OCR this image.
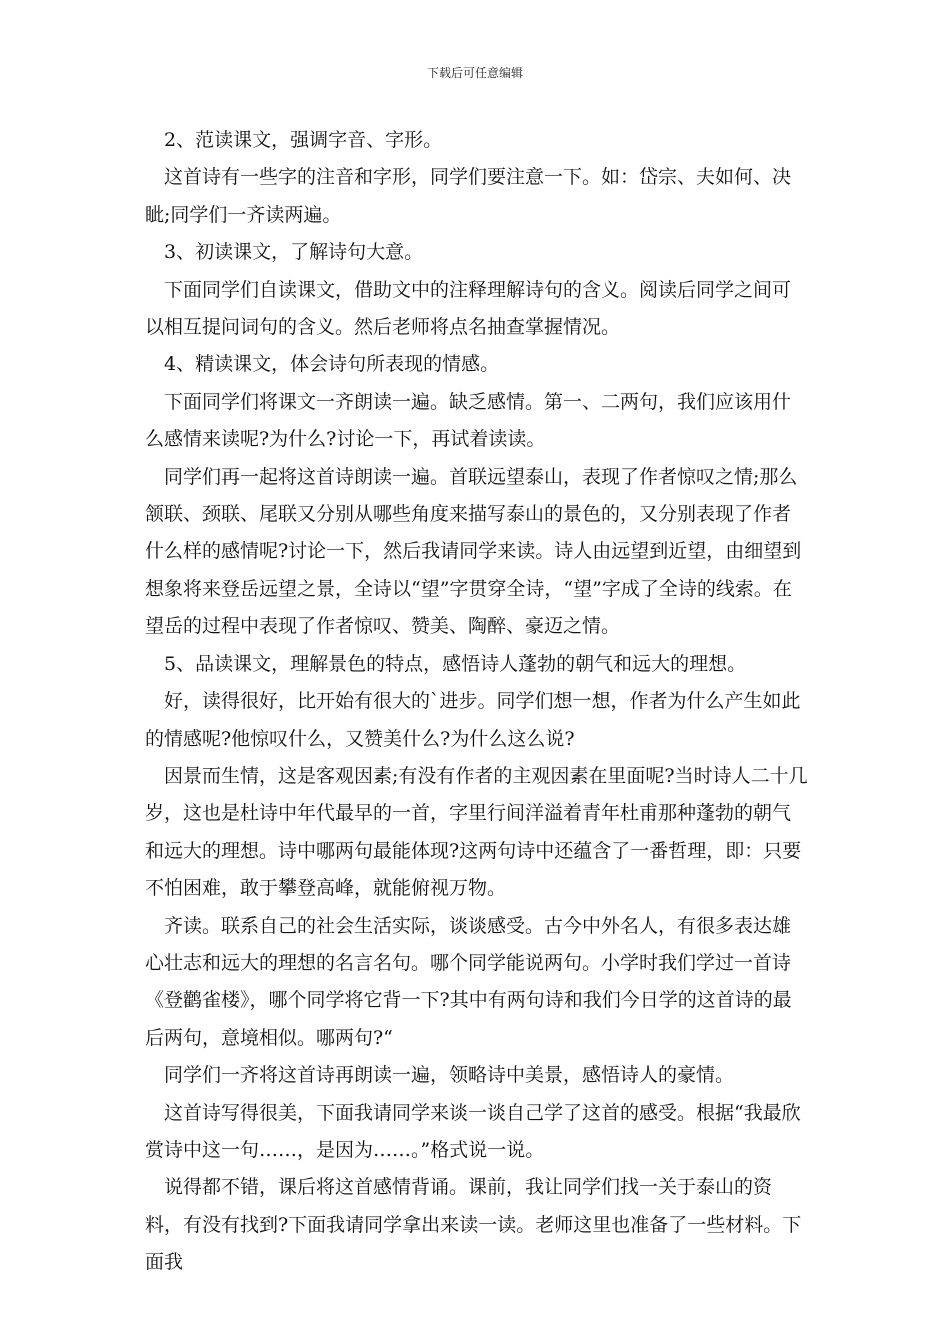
下载后可任意编辑

2、范读课文，强调字音、字形。

这首诗有一些字的注音和字形，同学们要注意一下。如：岱宗、夫如何、决眦;同学们一齐读两遍。

3、初读课文，了解诗句大意。

下面同学们自读课文，借助文中的注释理解诗句的含义。阅读后同学之间可以相互提问词句的含义。然后老师将点名抽查掌握情况。

4、精读课文，体会诗句所表现的情感。

下面同学们将课文一齐朗读一遍。缺乏感情。第一、二两句，我们应该用什么感情来读呢?为什么?讨论一下，再试着读读。

同学们再一起将这首诗朗读一遍。首联远望泰山，表现了作者惊叹之情;那么颔联、颈联、尾联又分别从哪些角度来描写泰山的景色的，又分别表现了作者什么样的感情呢?讨论一下，然后我请同学来读。诗人由远望到近望，由细望到想象将来登岳远望之景，全诗以“望”字贯穿全诗，“望”字成了全诗的线索。在望岳的过程中表现了作者惊叹、赞美、陶醉、豪迈之情。

5、品读课文，理解景色的特点，感悟诗人蓬勃的朝气和远大的理想。

好，读得很好，比开始有很大的`进步。同学们想一想，作者为什么产生如此的情感呢?他惊叹什么，又赞美什么?为什么这么说?

因景而生情，这是客观因素;有没有作者的主观因素在里面呢?当时诗人二十几岁，这也是杜诗中年代最早的一首，字里行间洋溢着青年杜甫那种蓬勃的朝气和远大的理想。诗中哪两句最能体现?这两句诗中还蕴含了一番哲理，即：只要不怕困难，敢于攀登高峰，就能俯视万物。

齐读。联系自己的社会生活实际，谈谈感受。古今中外名人，有很多表达雄心壮志和远大的理想的名言名句。哪个同学能说两句。小学时我们学过一首诗《登鹳雀楼》，哪个同学将它背一下?其中有两句诗和我们今日学的这首诗的最后两句，意境相似。哪两句?“

同学们一齐将这首诗再朗读一遍，领略诗中美景，感悟诗人的豪情。

这首诗写得很美，下面我请同学来谈一谈自己学了这首的感受。根据“我最欣赏诗中这一句……，是因为……。”格式说一说。

说得都不错，课后将这首感情背诵。课前，我让同学们找一关于泰山的资料，有没有找到?下面我请同学拿出来读一读。老师这里也准备了一些材料。下面我
